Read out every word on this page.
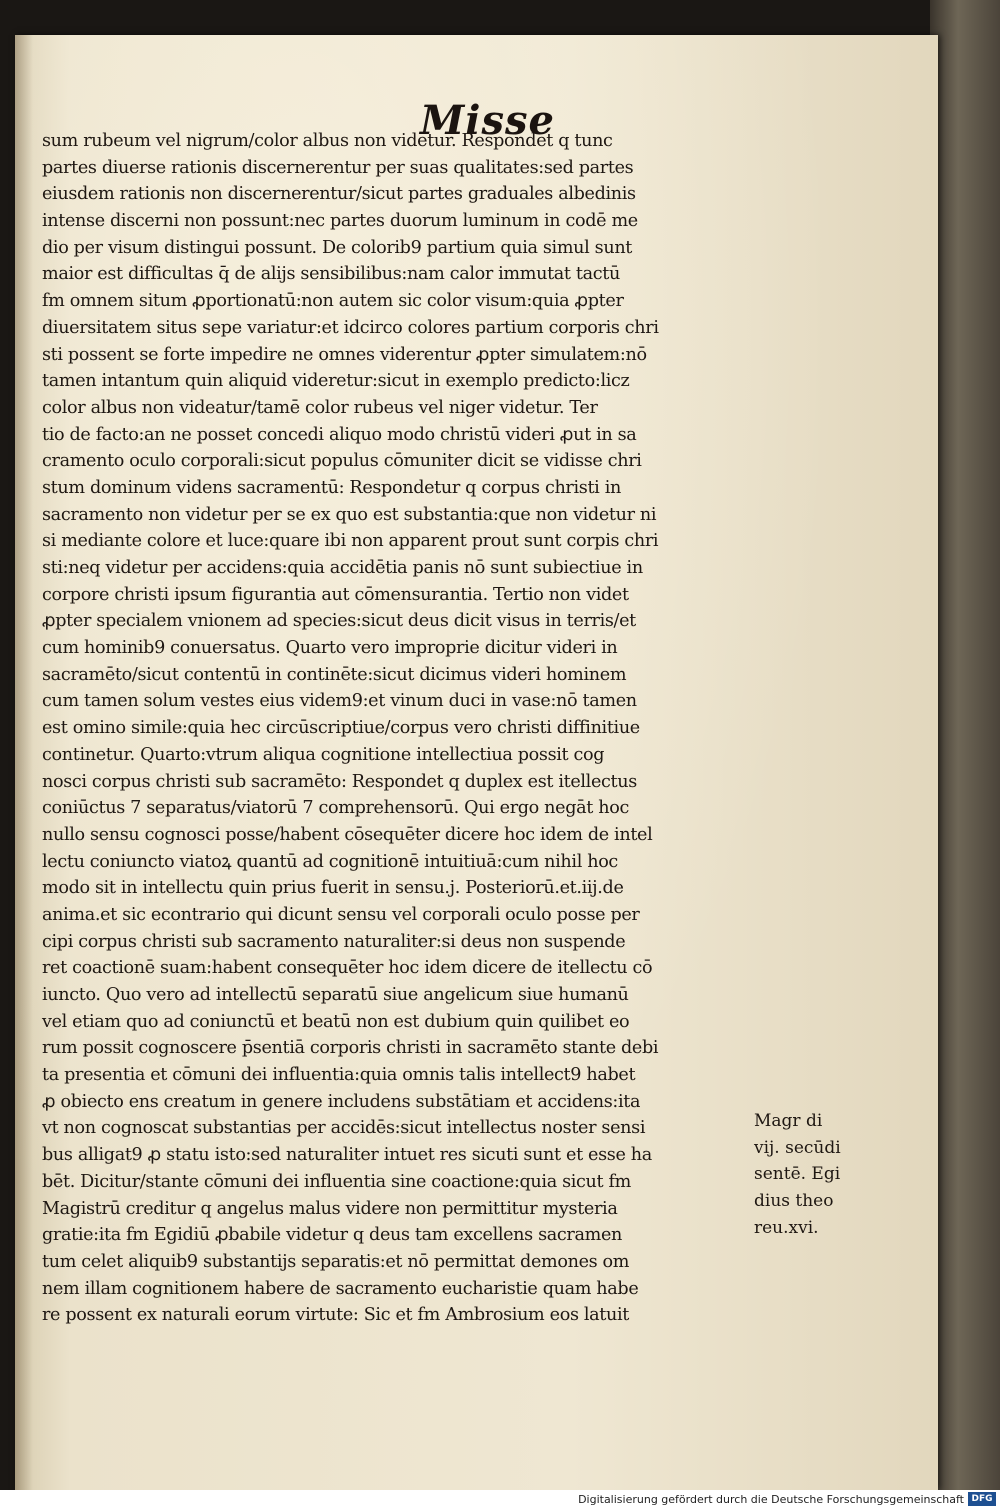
Misse
sum rubeum vel nigrum/color albus non videtur. Respondet q tunc
partes diuerse rationis discernerentur per suas qualitates:sed partes
eiusdem rationis non discernerentur/sicut partes graduales albedinis
intense discerni non possunt:nec partes duorum luminum in codē me
dio per visum distingui possunt. De colorib9 partium quia simul sunt
maior est difficultas q̄ de alijs sensibilibus:nam calor immutat tactū
fm omnem situm ꝓportionatū:non autem sic color visum:quia ꝓpter
diuersitatem situs sepe variatur:et idcirco colores partium corporis chri
sti possent se forte impedire ne omnes viderentur ꝓpter simulatem:nō
tamen intantum quin aliquid videretur:sicut in exemplo predicto:licz
color albus non videatur/tamē color rubeus vel niger videtur. Ter
tio de facto:an ne posset concedi aliquo modo christū videri ꝓut in sa
cramento oculo corporali:sicut populus cōmuniter dicit se vidisse chri
stum dominum videns sacramentū: Respondetur q corpus christi in
sacramento non videtur per se ex quo est substantia:que non videtur ni
si mediante colore et luce:quare ibi non apparent prout sunt corpis chri
sti:neq videtur per accidens:quia accidētia panis nō sunt subiectiue in
corpore christi ipsum figurantia aut cōmensurantia. Tertio non videt
ꝓpter specialem vnionem ad species:sicut deus dicit visus in terris/et
cum hominib9 conuersatus. Quarto vero improprie dicitur videri in
sacramēto/sicut contentū in continēte:sicut dicimus videri hominem
cum tamen solum vestes eius videm9:et vinum duci in vase:nō tamen
est omino simile:quia hec circūscriptiue/corpus vero christi diffinitiue
continetur. Quarto:vtrum aliqua cognitione intellectiua possit cog
nosci corpus christi sub sacramēto: Respondet q duplex est itellectus
coniūctus 7 separatus/viatorū 7 comprehensorū. Qui ergo negāt hoc
nullo sensu cognosci posse/habent cōsequēter dicere hoc idem de intel
lectu coniuncto viatoꝝ quantū ad cognitionē intuitiuā:cum nihil hoc
modo sit in intellectu quin prius fuerit in sensu.j. Posteriorū.et.iij.de
anima.et sic econtrario qui dicunt sensu vel corporali oculo posse per
cipi corpus christi sub sacramento naturaliter:si deus non suspende
ret coactionē suam:habent consequēter hoc idem dicere de itellectu cō
iuncto. Quo vero ad intellectū separatū siue angelicum siue humanū
vel etiam quo ad coniunctū et beatū non est dubium quin quilibet eo
rum possit cognoscere p̄sentiā corporis christi in sacramēto stante debi
ta presentia et cōmuni dei influentia:quia omnis talis intellect9 habet
ꝓ obiecto ens creatum in genere includens substātiam et accidens:ita
vt non cognoscat substantias per accidēs:sicut intellectus noster sensi
bus alligat9 ꝓ statu isto:sed naturaliter intuet res sicuti sunt et esse ha
bēt. Dicitur/stante cōmuni dei influentia sine coactione:quia sicut fm
Magistrū creditur q angelus malus videre non permittitur mysteria
gratie:ita fm Egidiū ꝓbabile videtur q deus tam excellens sacramen
tum celet aliquib9 substantijs separatis:et nō permittat demones om
nem illam cognitionem habere de sacramento eucharistie quam habe
re possent ex naturali eorum virtute: Sic et fm Ambrosium eos latuit
Magr di
vij. secūdi
sentē. Egi
dius theo
reu.xvi.
Digitalisierung gefördert durch die Deutsche Forschungsgemeinschaft DFG
